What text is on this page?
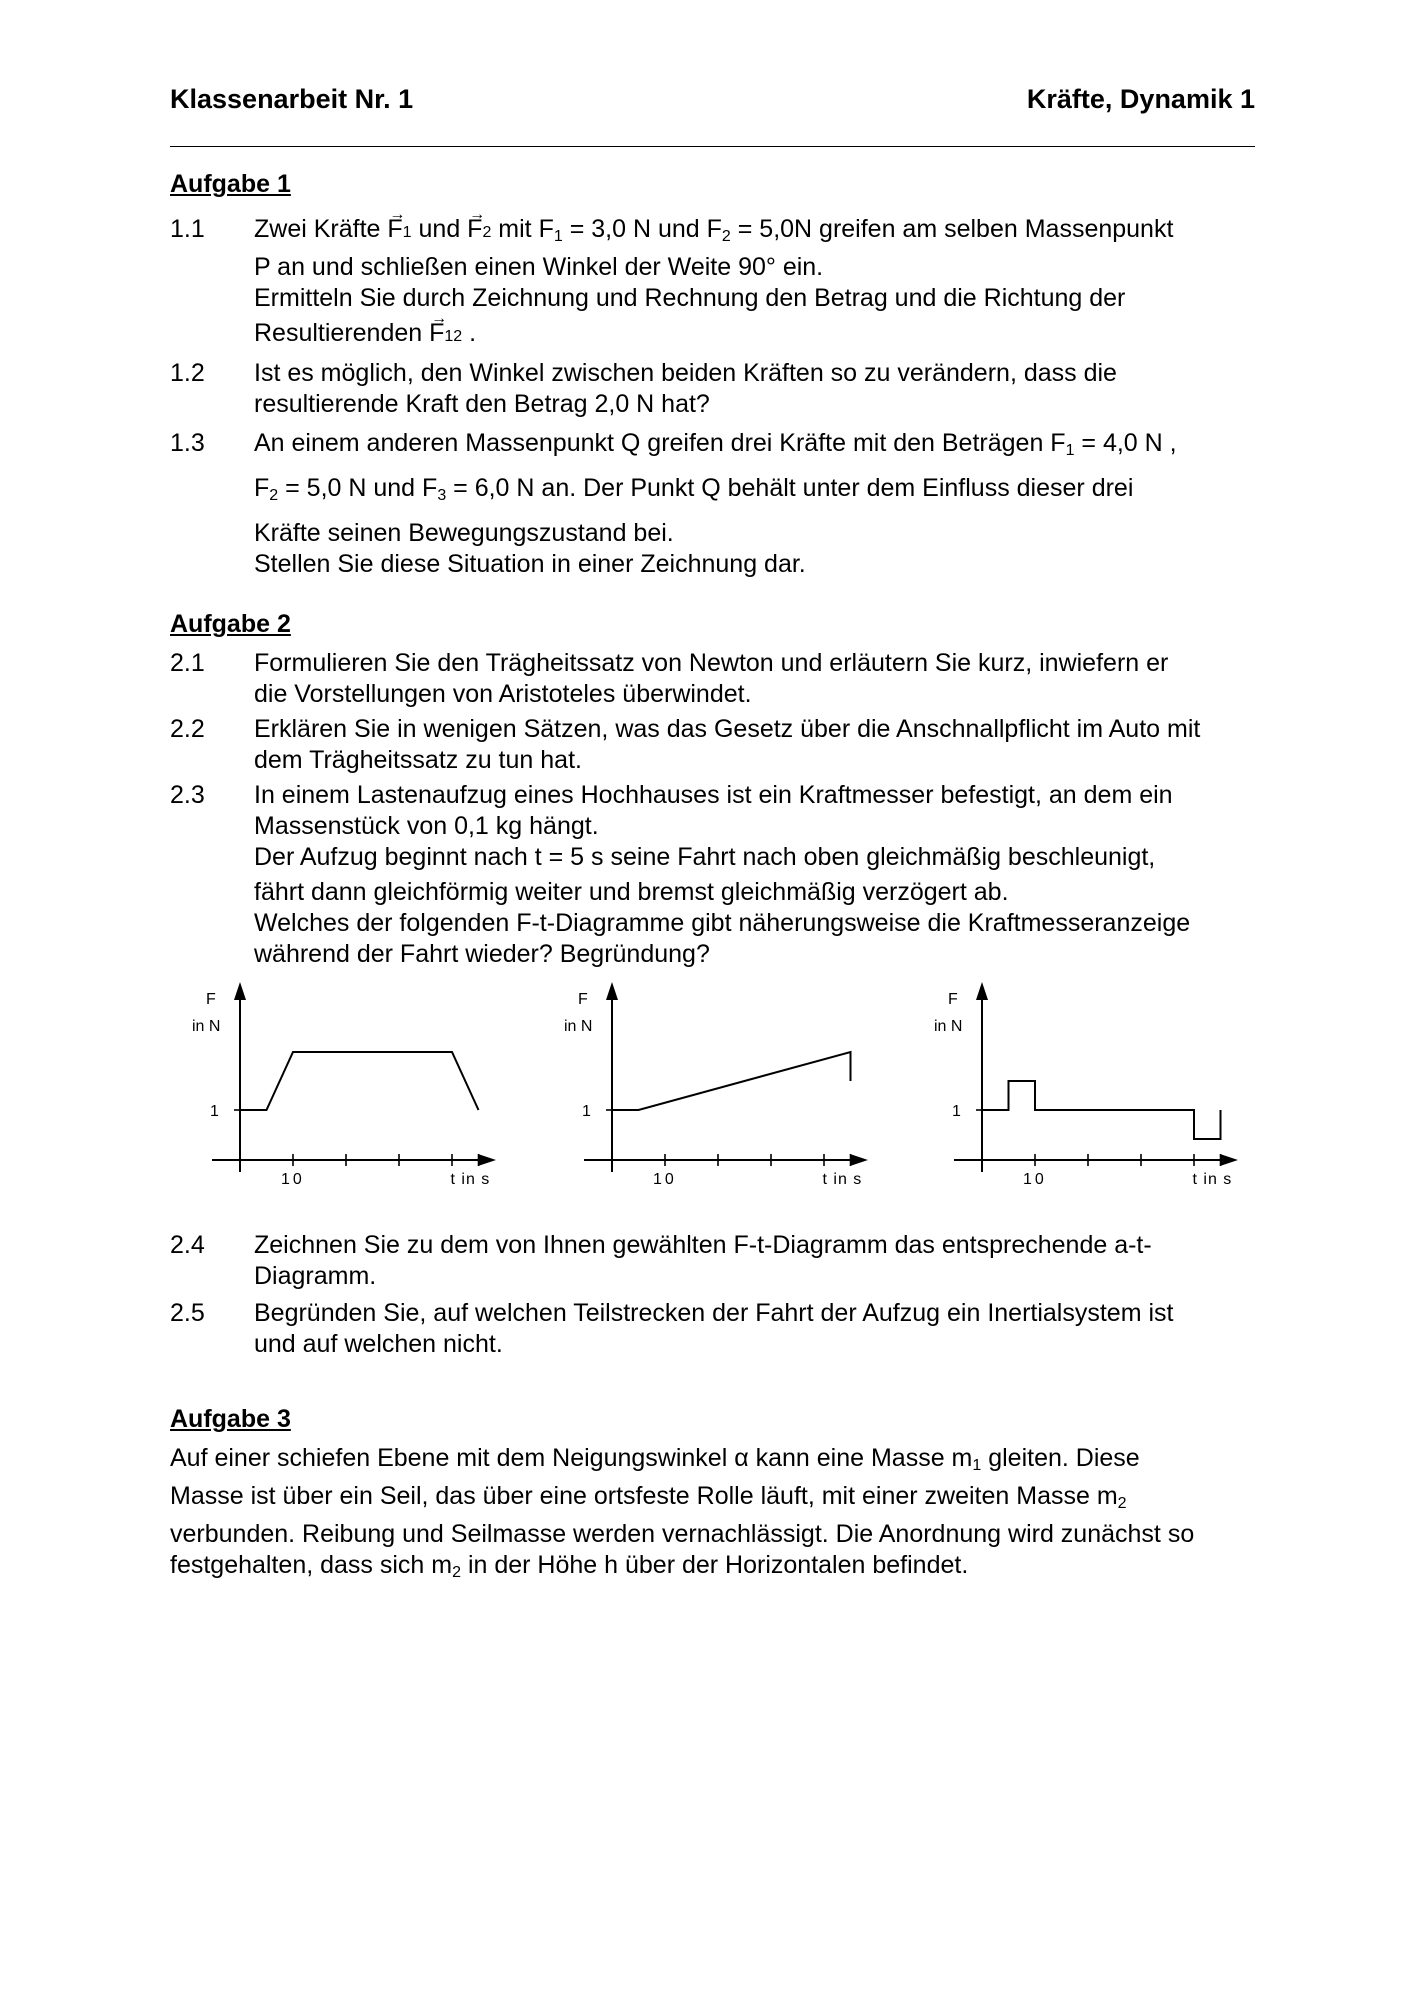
Klassenarbeit Nr. 1	Kräfte, Dynamik 1
Aufgabe 1
1.1 Zwei Kräfte → F1 und → F2 mit $F_1 = 3,0$ N und $F_2 = 5,0N$ greifen am selben Massenpunkt

P an und schließen einen Winkel der Weite 90° ein.

Ermitteln Sie durch Zeichnung und Rechnung den Betrag und die Richtung der

Resultierenden → F12 .

1.2 Ist es möglich, den Winkel zwischen beiden Kräften so zu verändern, dass die

resultierende Kraft den Betrag 2,0 N hat?

1.3 An einem anderen Massenpunkt Q greifen drei Kräfte mit den Beträgen $F_1 = 4,0$ N ,

$F_2 = 5,0$ N und $F_3 = 6,0$ N an. Der Punkt Q behält unter dem Einfluss dieser drei

Kräfte seinen Bewegungszustand bei.

Stellen Sie diese Situation in einer Zeichnung dar.

Aufgabe 2
2.1 Formulieren Sie den Trägheitssatz von Newton und erläutern Sie kurz, inwiefern er

die Vorstellungen von Aristoteles überwindet.

2.2 Erklären Sie in wenigen Sätzen, was das Gesetz über die Anschnallpflicht im Auto mit

dem Trägheitssatz zu tun hat.

2.3 In einem Lastenaufzug eines Hochhauses ist ein Kraftmesser befestigt, an dem ein

Massenstück von 0,1 kg hängt.

Der Aufzug beginnt nach t = 5 s seine Fahrt nach oben gleichmäßig beschleunigt,

fährt dann gleichförmig weiter und bremst gleichmäßig verzögert ab.

Welches der folgenden F-t-Diagramme gibt näherungsweise die Kraftmesseranzeige

während der Fahrt wieder? Begründung?

F
in N
1
10	t in s
F
in N
1
10	t in s
F
in N
1
10	t in s
2.4 Zeichnen Sie zu dem von Ihnen gewählten F-t-Diagramm das entsprechende a-t-

Diagramm.

2.5 Begründen Sie, auf welchen Teilstrecken der Fahrt der Aufzug ein Inertialsystem ist

und auf welchen nicht.

Aufgabe 3

Auf einer schiefen Ebene mit dem Neigungswinkel α kann eine Masse $m_1$ gleiten. Diese

Masse ist über ein Seil, das über eine ortsfeste Rolle läuft, mit einer zweiten Masse $m_2$

verbunden. Reibung und Seilmasse werden vernachlässigt. Die Anordnung wird zunächst so

festgehalten, dass sich $m_2$ in der Höhe h über der Horizontalen befindet.
